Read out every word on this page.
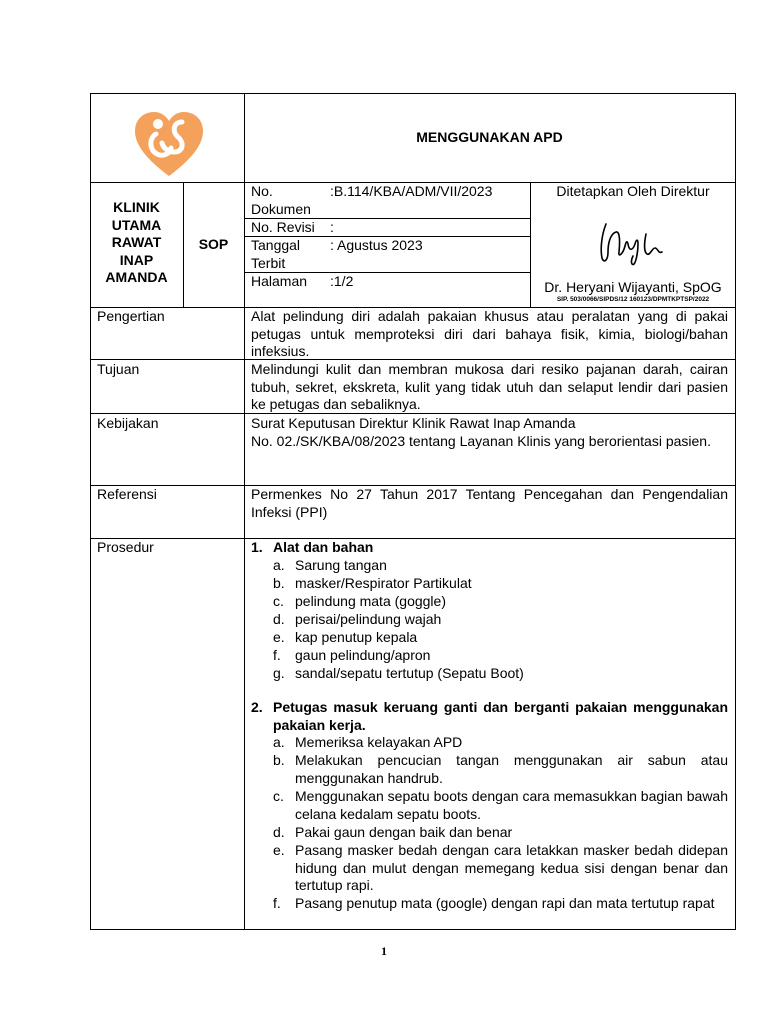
MENGGUNAKAN APD
KLINIK
UTAMA
RAWAT
INAP
AMANDA
SOP
No.	:B.114/KBA/ADM/VII/2023
Dokumen
No. Revisi :
Tanggal : Agustus 2023
Terbit
Halaman :1/2
Ditetapkan Oleh Direktur
Dr. Heryani Wijayanti, SpOG
SIP. 503/0066/SIPDS/12 160123/DPMTKPTSP/2022
Pengertian	Alat pelindung diri adalah pakaian khusus atau peralatan yang di pakai petugas untuk memproteksi diri dari bahaya fisik, kimia, biologi/bahan infeksius.
Tujuan	Melindungi kulit dan membran mukosa dari resiko pajanan darah, cairan tubuh, sekret, ekskreta, kulit yang tidak utuh dan selaput lendir dari pasien ke petugas dan sebaliknya.
Kebijakan	Surat Keputusan Direktur Klinik Rawat Inap Amanda
No. 02./SK/KBA/08/2023 tentang Layanan Klinis yang berorientasi pasien.
Referensi	Permenkes No 27 Tahun 2017 Tentang Pencegahan dan Pengendalian Infeksi (PPI)
Prosedur	1. Alat dan bahan
a. Sarung tangan
b. masker/Respirator Partikulat
c. pelindung mata (goggle)
d. perisai/pelindung wajah
e. kap penutup kepala
f. gaun pelindung/apron
g. sandal/sepatu tertutup (Sepatu Boot)
2. Petugas masuk keruang ganti dan berganti pakaian menggunakan pakaian kerja.
a. Memeriksa kelayakan APD
b. Melakukan pencucian tangan menggunakan air sabun atau menggunakan handrub.
c. Menggunakan sepatu boots dengan cara memasukkan bagian bawah celana kedalam sepatu boots.
d. Pakai gaun dengan baik dan benar
e. Pasang masker bedah dengan cara letakkan masker bedah didepan hidung dan mulut dengan memegang kedua sisi dengan benar dan tertutup rapi.
f. Pasang penutup mata (google) dengan rapi dan mata tertutup rapat
1
